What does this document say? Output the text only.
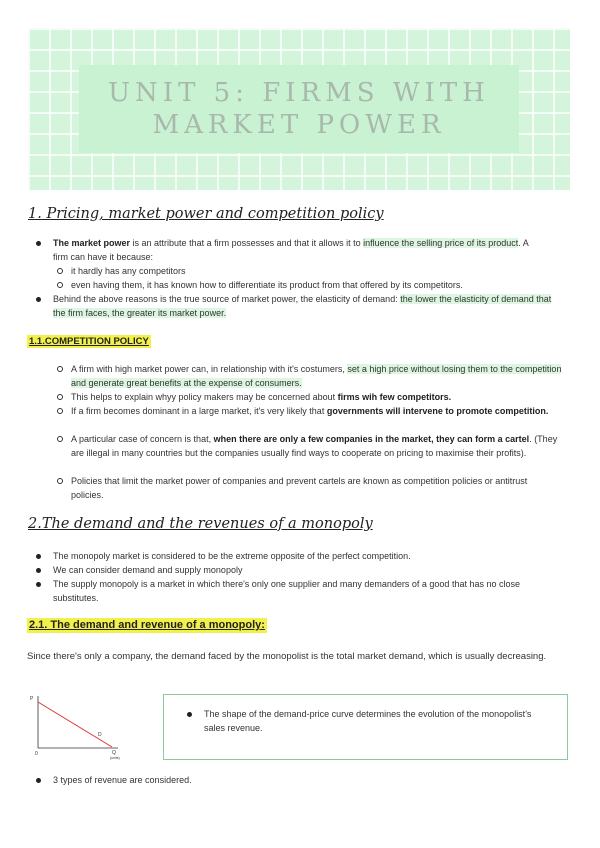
UNIT 5: FIRMS WITH
MARKET POWER
1. Pricing, market power and competition policy
The market power is an attribute that a firm possesses and that it allows it to influence the selling price of its product. A firm can have it because:
it hardly has any competitors
even having them, it has known how to differentiate its product from that offered by its competitors.
Behind the above reasons is the true source of market power, the elasticity of demand: the lower the elasticity of demand that the firm faces, the greater its market power.
1.1.COMPETITION POLICY
A firm with high market power can, in relationship with it's costumers, set a high price without losing them to the competition and generate great benefits at the expense of consumers.
This helps to explain whyy policy makers may be concerned about firms wih few competitors.
If a firm becomes dominant in a large market, it's very likely that governments will intervene to promote competition.
A particular case of concern is that, when there are only a few companies in the market, they can form a cartel. (They are illegal in many countries but the companies usually find ways to cooperate on pricing to maximise their profits).
Policies that limit the market power of companies and prevent cartels are known as competition policies or antitrust policies.
2.The demand and the revenues of a monopoly
The monopoly market is considered to be the extreme opposite of the perfect competition.
We can consider demand and supply monopoly
The supply monopoly is a market in which there's only one supplier and many demanders of a good that has no close substitutes.
2.1. The demand and revenue of a monopoly:
Since there's only a company, the demand faced by the monopolist is the total market demand, which is usually decreasing.
P
0	Q
(units)
D
The shape of the demand-price curve determines the evolution of the monopolist's sales revenue.
3 types of revenue are considered.
